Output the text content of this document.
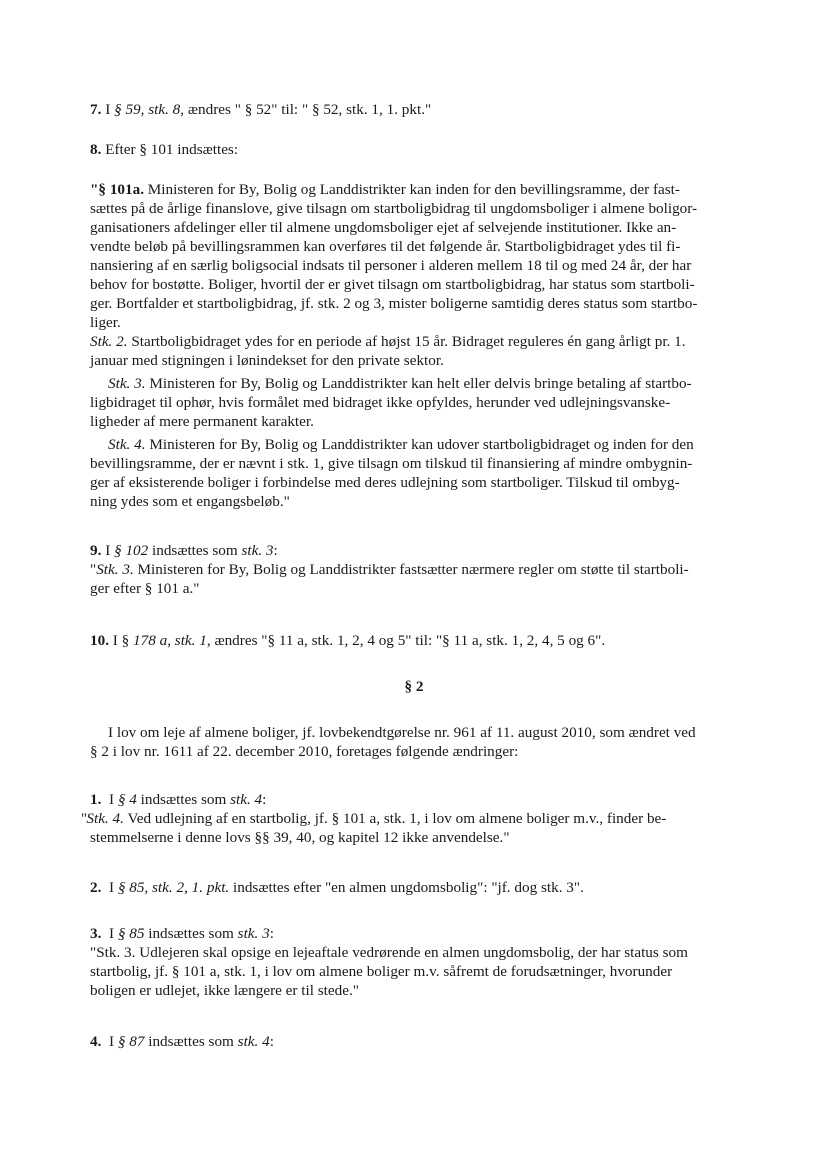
7. I § 59, stk. 8, ændres " § 52" til: " § 52, stk. 1, 1. pkt."
8. Efter § 101 indsættes:
"§ 101a. Ministeren for By, Bolig og Landdistrikter kan inden for den bevillingsramme, der fast-
sættes på de årlige finanslove, give tilsagn om startboligbidrag til ungdomsboliger i almene boligor-
ganisationers afdelinger eller til almene ungdomsboliger ejet af selvejende institutioner. Ikke an-
vendte beløb på bevillingsrammen kan overføres til det følgende år. Startboligbidraget ydes til fi-
nansiering af en særlig boligsocial indsats til personer i alderen mellem 18 til og med 24 år, der har
behov for bostøtte. Boliger, hvortil der er givet tilsagn om startboligbidrag, har status som startboli-
ger. Bortfalder et startboligbidrag, jf. stk. 2 og 3, mister boligerne samtidig deres status som startbo-
liger.
Stk. 2. Startboligbidraget ydes for en periode af højst 15 år. Bidraget reguleres én gang årligt pr. 1.
januar med stigningen i lønindekset for den private sektor.
Stk. 3. Ministeren for By, Bolig og Landdistrikter kan helt eller delvis bringe betaling af startbo-
ligbidraget til ophør, hvis formålet med bidraget ikke opfyldes, herunder ved udlejningsvanske-
ligheder af mere permanent karakter.
Stk. 4. Ministeren for By, Bolig og Landdistrikter kan udover startboligbidraget og inden for den
bevillingsramme, der er nævnt i stk. 1, give tilsagn om tilskud til finansiering af mindre ombygnin-
ger af eksisterende boliger i forbindelse med deres udlejning som startboliger. Tilskud til ombyg-
ning ydes som et engangsbeløb."
9. I § 102 indsættes som stk. 3:
"Stk. 3. Ministeren for By, Bolig og Landdistrikter fastsætter nærmere regler om støtte til startboli-
ger efter § 101 a."
10. I § 178 a, stk. 1, ændres "§ 11 a, stk. 1, 2, 4 og 5" til: "§ 11 a, stk. 1, 2, 4, 5 og 6".
§ 2
I lov om leje af almene boliger, jf. lovbekendtgørelse nr. 961 af 11. august 2010, som ændret ved
§ 2 i lov nr. 1611 af 22. december 2010, foretages følgende ændringer:
1.  I § 4 indsættes som stk. 4:
"Stk. 4. Ved udlejning af en startbolig, jf. § 101 a, stk. 1, i lov om almene boliger m.v., finder be-
stemmelserne i denne lovs §§ 39, 40, og kapitel 12 ikke anvendelse."
2.  I § 85, stk. 2, 1. pkt. indsættes efter "en almen ungdomsbolig": "jf. dog stk. 3".
3.  I § 85 indsættes som stk. 3:
"Stk. 3. Udlejeren skal opsige en lejeaftale vedrørende en almen ungdomsbolig, der har status som
startbolig, jf. § 101 a, stk. 1, i lov om almene boliger m.v. såfremt de forudsætninger, hvorunder
boligen er udlejet, ikke længere er til stede."
4.  I § 87 indsættes som stk. 4:
